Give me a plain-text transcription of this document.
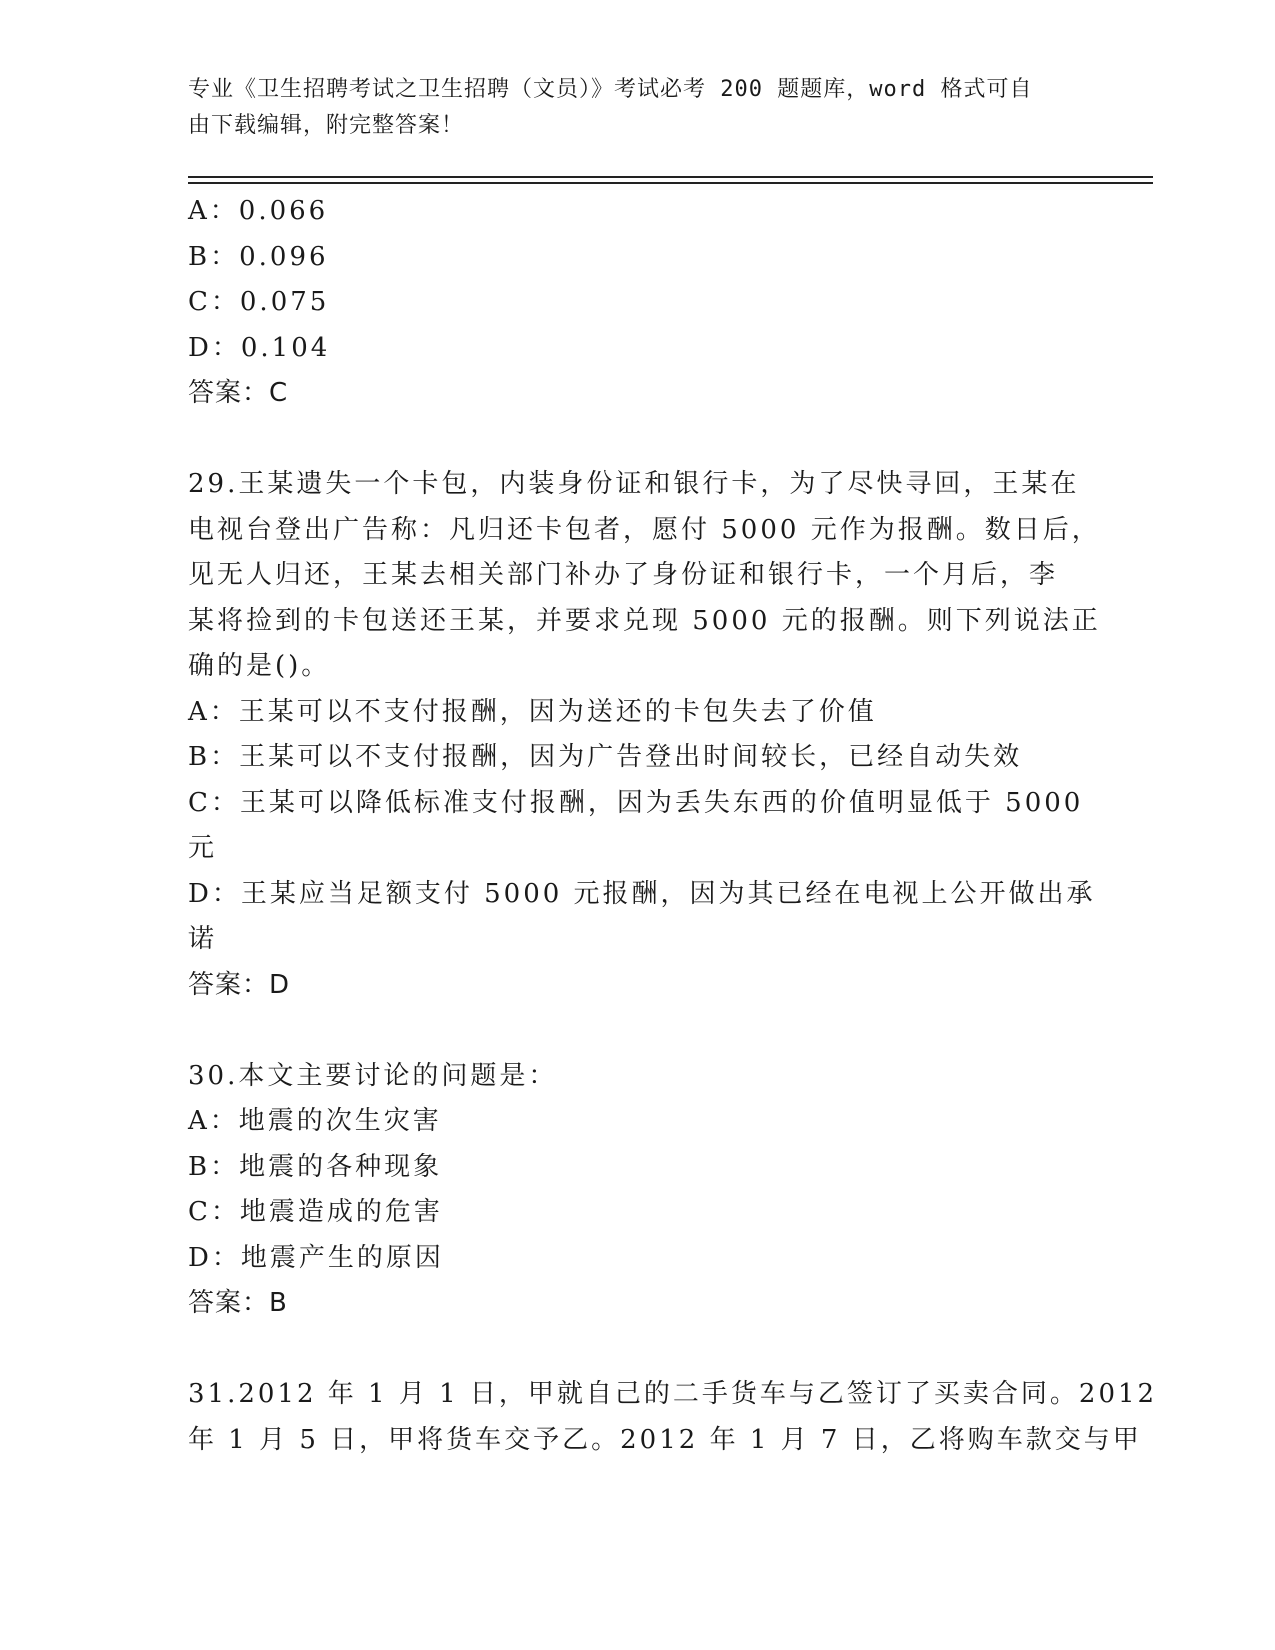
专业《卫生招聘考试之卫生招聘（文员）》考试必考 200 题题库，word 格式可自
由下载编辑，附完整答案！
A：0.066
B：0.096
C：0.075
D：0.104
答案：C
29.王某遗失一个卡包，内装身份证和银行卡，为了尽快寻回，王某在
电视台登出广告称：凡归还卡包者，愿付 5000 元作为报酬。数日后，
见无人归还，王某去相关部门补办了身份证和银行卡，一个月后，李
某将捡到的卡包送还王某，并要求兑现 5000 元的报酬。则下列说法正
确的是()。
A：王某可以不支付报酬，因为送还的卡包失去了价值
B：王某可以不支付报酬，因为广告登出时间较长，已经自动失效
C：王某可以降低标准支付报酬，因为丢失东西的价值明显低于 5000
元
D：王某应当足额支付 5000 元报酬，因为其已经在电视上公开做出承
诺
答案：D
30.本文主要讨论的问题是：
A：地震的次生灾害
B：地震的各种现象
C：地震造成的危害
D：地震产生的原因
答案：B
31.2012 年 1 月 1 日，甲就自己的二手货车与乙签订了买卖合同。2012
年 1 月 5 日，甲将货车交予乙。2012 年 1 月 7 日，乙将购车款交与甲
